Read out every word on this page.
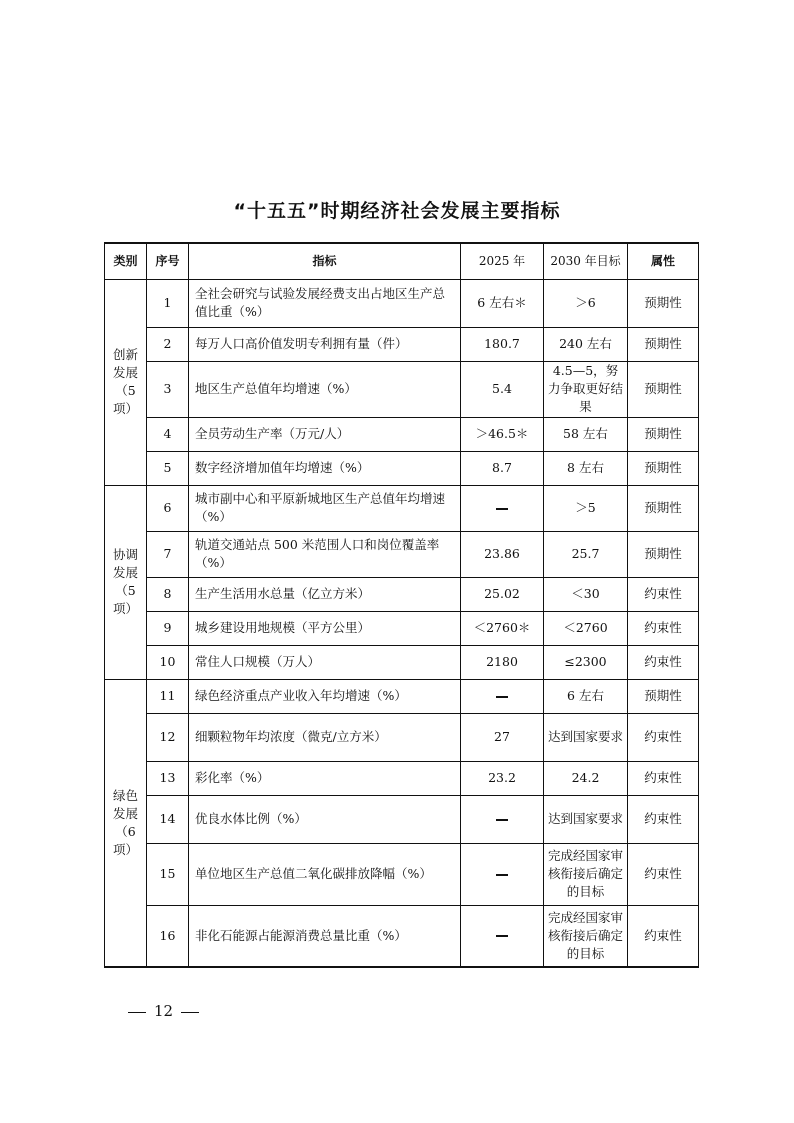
“十五五”时期经济社会发展主要指标
类别	序号	指标	2025 年	2030 年目标	属性

创新
发展
（5 项）	1	全社会研究与试验发展经费支出占地区生产总值比重（%）	6 左右＊	＞6	预期性
	2	每万人口高价值发明专利拥有量（件）	180.7	240 左右	预期性
	3	地区生产总值年均增速（%）	5.4	4.5—5，努力争取更好结果	预期性
	4	全员劳动生产率（万元/人）	＞46.5＊	58 左右	预期性
	5	数字经济增加值年均增速（%）	8.7	8 左右	预期性

协调
发展
（5 项）	6	城市副中心和平原新城地区生产总值年均增速（%）		＞5	预期性
	7	轨道交通站点 500 米范围人口和岗位覆盖率（%）	23.86	25.7	预期性
	8	生产生活用水总量（亿立方米）	25.02	＜30	约束性
	9	城乡建设用地规模（平方公里）	＜2760＊	＜2760	约束性
	10	常住人口规模（万人）	2180	≤2300	约束性

绿色
发展
（6 项）	11	绿色经济重点产业收入年均增速（%）		6 左右	预期性
	12	细颗粒物年均浓度（微克/立方米）	27	达到国家要求	约束性
	13	彩化率（%）	23.2	24.2	约束性
	14	优良水体比例（%）		达到国家要求	约束性
	15	单位地区生产总值二氧化碳排放降幅（%）		完成经国家审核衔接后确定的目标	约束性
	16	非化石能源占能源消费总量比重（%）		完成经国家审核衔接后确定的目标	约束性
12
